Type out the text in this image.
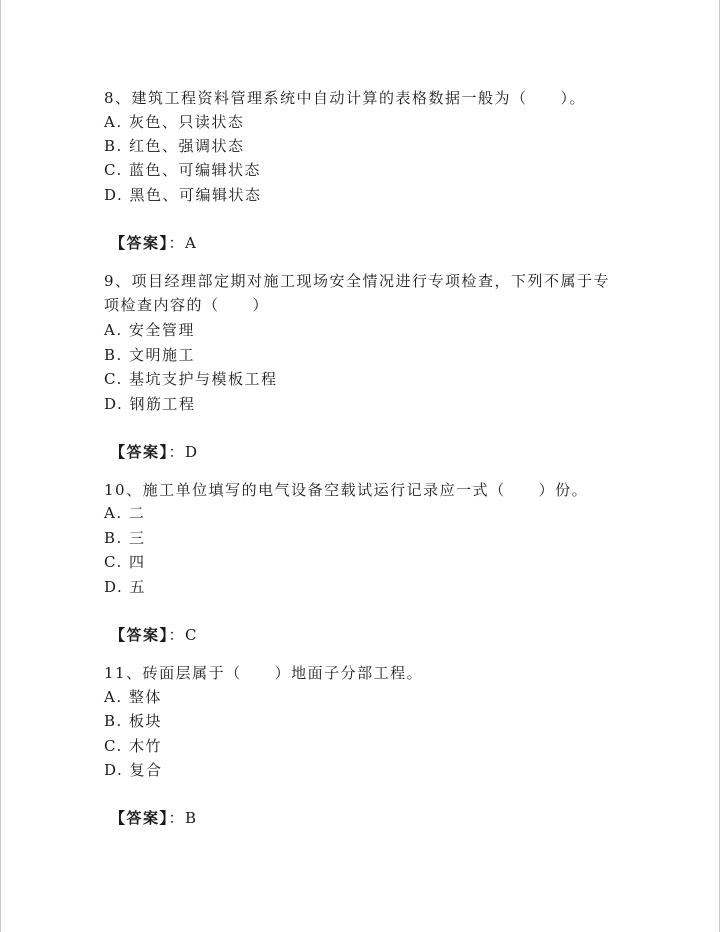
8、建筑工程资料管理系统中自动计算的表格数据一般为（　　）。
A. 灰色、只读状态
B. 红色、强调状态
C. 蓝色、可编辑状态
D. 黑色、可编辑状态
【答案】：A
9、项目经理部定期对施工现场安全情况进行专项检查，下列不属于专
项检查内容的（　　）
A. 安全管理
B. 文明施工
C. 基坑支护与模板工程
D. 钢筋工程
【答案】：D
10、施工单位填写的电气设备空载试运行记录应一式（　　）份。
A. 二
B. 三
C. 四
D. 五
【答案】：C
11、砖面层属于（　　）地面子分部工程。
A. 整体
B. 板块
C. 木竹
D. 复合
【答案】：B
